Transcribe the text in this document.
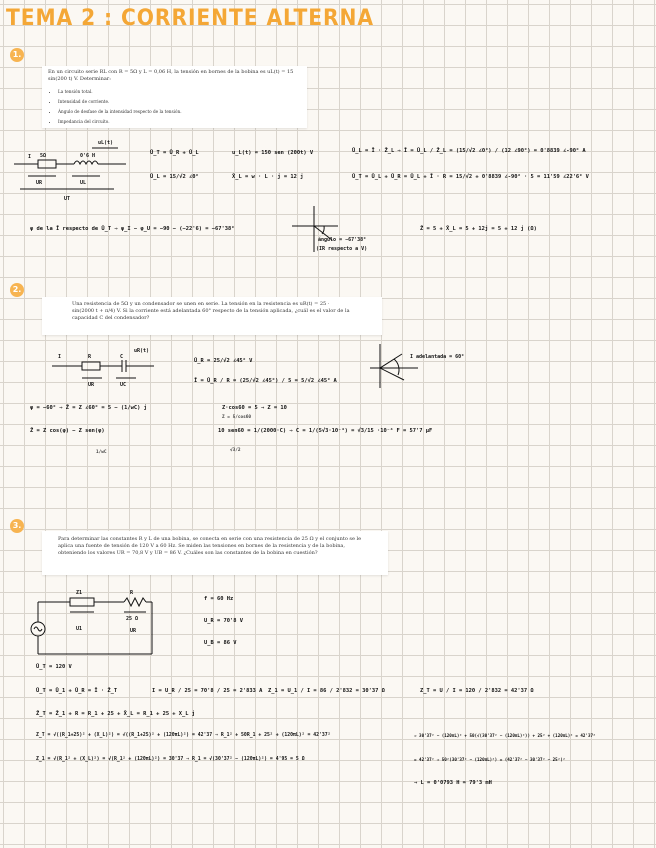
TEMA 2 : CORRIENTE ALTERNA
1.

En un circuito serie RL con R = 5Ω y L = 0,06 H, la tensión en bornes de la bobina es uL(t) = 15 sin(200 t) V. Determinar:

• La tensión total.
• Intensidad de corriente.
• Ángulo de desfase de la intensidad respecto de la tensión.
• Impedancia del circuito.
I 5Ω	0'6 H
uL(t)
UR	UL
UT
Ū_T = Ū_R + Ū_L	u_L(t) = 150 sen (200t) V	Ū_L = Ī · Z̄_L ⇒ Ī = Ū_L / Z̄_L = (15/√2 ∠0°) / (12 ∠90°) = 0'8839 ∠-90° A
Ū_L = 15/√2 ∠0°	X̄_L = w · L · j = 12 j	Ū_T = Ū_L + Ū_R = Ū_L + Ī · R = 15/√2 + 0'8839 ∠-90° · 5 = 11'59 ∠22'6° V
φ de la Ī respecto de Ū_T ⇒ φ_I − φ_U = −90 − (−22'6) = −67'38°	Z̄ = 5 + X̄_L = 5 + 12j = 5 + 12 j (Ω)
ángulo = −67'38°
(IR respecto a V)
2.

Una resistencia de 5Ω y un condensador se unen en serie. La tensión en la resistencia es uR(t) = 25 · sin(2000 t + π/4) V. Si la corriente está adelantada 60° respecto de la tensión aplicada, ¿cuál es el valor de la capacidad C del condensador?

I	R	C
uR(t)
UR	UC
Ū_R = 25/√2 ∠45° V
Ī = Ū_R / R = (25/√2 ∠45°) / 5 = 5/√2 ∠45° A
φ = −60° ⇒ Z̄ = Z ∠60° = 5 − (1/wC) j	Z·cos60 = 5 ⇒ Z = 10
Z̄ = Z cos(φ) − Z sen(φ)	10 sen60 = 1/(2000·C) ⇒ C = 1/(5√3·10⁻⁴) = √3/15 ·10⁻⁴ F = 57'7 μF
Z = 5/cos60
1/wC	√3/2
I adelantada = 60°
3.

Para determinar las constantes R y L de una bobina, se conecta en serie con una resistencia de 25 Ω y el conjunto se le aplica una fuente de tensión de 120 V a 60 Hz. Se miden las tensiones en bornes de la resistencia y de la bobina, obteniendo los valores UR = 70,8 V y UB = 86 V. ¿Cuáles son las constantes de la bobina en cuestión?

Z1	R
25 Ω
U1	UR
f = 60 Hz
U_R = 70'8 V
U_B = 86 V
Ū_T = 120 V
Ū_T = Ū_1 + Ū_R = Ī · Z̄_T	I = U_R / 25 = 70'8 / 25 = 2'833 A Z_1 = U_1 / I = 86 / 2'832 = 30'37 Ω	Z_T = U / I = 120 / 2'832 = 42'37 Ω
Z̄_T = Z̄_1 + R = R_1 + 25 + X̄_L = R_1 + 25 + X_L j
Z_T = √((R_1+25)² + (X_L)²) = √((R_1+25)² + (120πL)²) = 42'37 ⇒ R_1² + 50R_1 + 25² + (120πL)² = 42'37²
Z_1 = √(R_1² + (X_L)²) = √(R_1² + (120πL)²) = 30'37 ⇒ R_1 = √(30'37² − (120πL)²) = 4'95 = 5 Ω
⇒ 30'37² − (120πL)² + 50(√(30'37² − (120πL)²)) + 25² + (120πL)² = 42'37²
= 42'37² ⇒ 50²(30'37² − (120πL)²) = (42'37² − 30'37² − 25²)²
⇒ L = 0'0793 H = 79'3 mH
